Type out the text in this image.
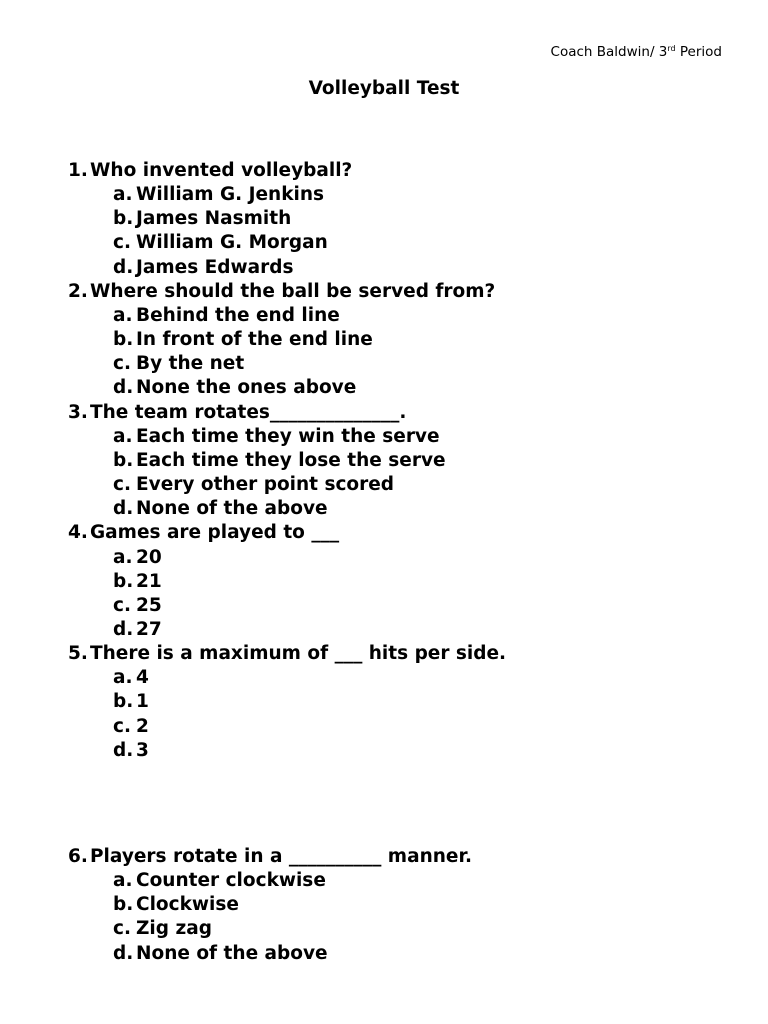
Coach Baldwin/ 3rd Period
Volleyball Test
1. Who invented volleyball?
a. William G. Jenkins
b. James Nasmith
c. William G. Morgan
d. James Edwards
2. Where should the ball be served from?
a. Behind the end line
b. In front of the end line
c. By the net
d. None the ones above
3. The team rotates______________.
a. Each time they win the serve
b. Each time they lose the serve
c. Every other point scored
d. None of the above
4. Games are played to ___
a. 20
b. 21
c. 25
d. 27
5. There is a maximum of ___ hits per side.
a. 4
b. 1
c. 2
d. 3
6. Players rotate in a __________ manner.
a. Counter clockwise
b. Clockwise
c. Zig zag
d. None of the above
